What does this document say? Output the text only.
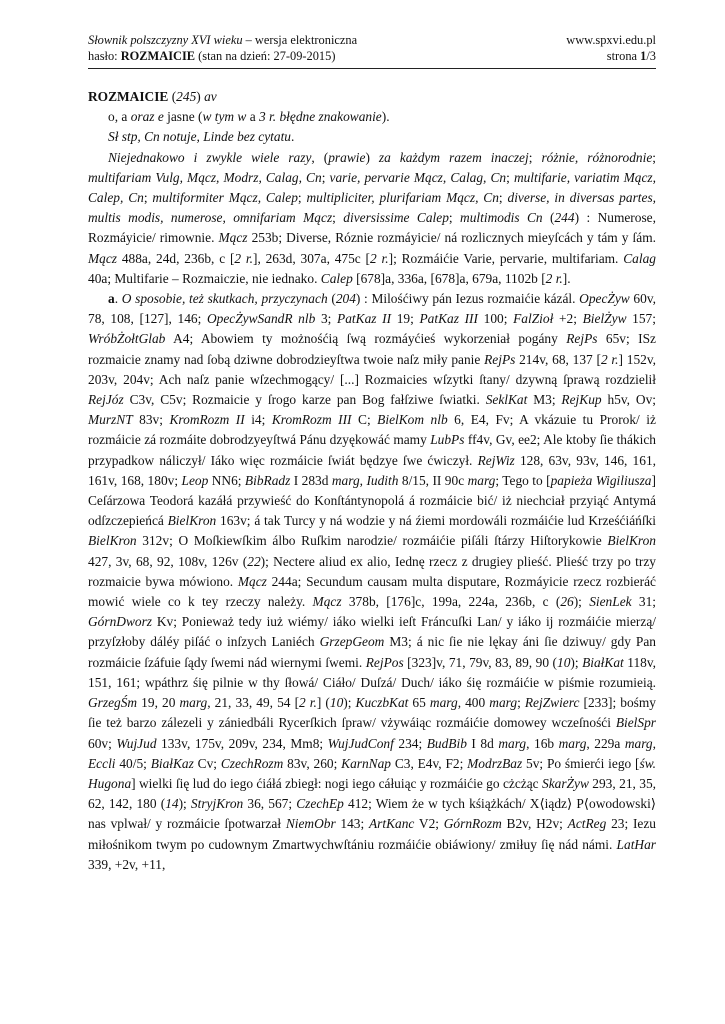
Słownik polszczyzny XVI wieku – wersja elektroniczna	www.spxvi.edu.pl
hasło: ROZMAICIE (stan na dzień: 27-09-2015)	strona 1/3

ROZMAICIE (245) av

o, a oraz e jasne (w tym w a 3 r. błędne znakowanie).

Sł stp, Cn notuje, Linde bez cytatu.

Niejednakowo i zwykle wiele razy, (prawie) za każdym razem inaczej; różnie, różnorodnie; multifariam Vulg, Mącz, Modrz, Calag, Cn; varie, pervarie Mącz, Calag, Cn; multifarie, variatim Mącz, Calep, Cn; multiformiter Mącz, Calep; multipliciter, plurifariam Mącz, Cn; diverse, in diversas partes, multis modis, numerose, omnifariam Mącz; diversissime Calep; multimodis Cn (244) : Numerose, Rozmáyicie/ rimownie. Mącz 253b; Diverse, Róznie rozmáyicie/ ná rozlicznych mieyſcách y tám y ſám. Mącz 488a, 24d, 236b, c [2 r.], 263d, 307a, 475c [2 r.]; Rozmáićie Varie, pervarie, multifariam. Calag 40a; Multifarie – Rozmaiczie, nie iednako. Calep [678]a, 336a, [678]a, 679a, 1102b [2 r.].

a. O sposobie, też skutkach, przyczynach (204) : Milośćiwy pán Iezus rozmaićie kázál. OpecŻyw 60v, 78, 108, [127], 146; OpecŻywSandR nlb 3; PatKaz II 19; PatKaz III 100; FalZioł +2; BielŻyw 157; WróbŻołtGlab A4; Abowiem ty możnośćią ſwą rozmáyćieś wykorzeniał pogány RejPs 65v; ISz rozmaicie znamy nad ſobą dziwne dobrodzieyſtwa twoie naſz miły panie RejPs 214v, 68, 137 [2 r.] 152v, 203v, 204v; Ach naſz panie wſzechmogący/ [...] Rozmaicies wſzytki ſtany/ dzywną ſprawą rozdzielił RejJóz C3v, C5v; Rozmaicie y ſrogo karze pan Bog fałſziwe ſwiatki. SeklKat M3; RejKup h5v, Ov; MurzNT 83v; KromRozm II i4; KromRozm III C; BielKom nlb 6, E4, Fv; A vkázuie tu Prorok/ iż rozmáicie zá rozmáite dobrodzyeyſtwá Pánu dzyękowáć mamy LubPs ff4v, Gv, ee2; Ale ktoby ſie thákich przypadkow náliczył/ Iáko więc rozmáicie ſwiát będzye ſwe ćwiczył. RejWiz 128, 63v, 93v, 146, 161, 161v, 168, 180v; Leop NN6; BibRadz I 283d marg, Iudith 8/15, II 90c marg; Tego to [papieża Wigiliusza] Ceſárzowa Teodorá kazáłá przywieść do Konſtántynopolá á rozmáicie bić/ iż niechciał przyiąć Antymá odſzczepieńcá BielKron 163v; á tak Turcy y ná wodzie y ná źiemi mordowáli rozmáićie lud Krześćiáńſki BielKron 312v; O Moſkiewſkim álbo Ruſkim narodzie/ rozmáićie piſáli ſtárzy Hiſtorykowie BielKron 427, 3v, 68, 92, 108v, 126v (22); Nectere aliud ex alio, Iednę rzecz z drugiey plieść. Plieść trzy po trzy rozmaicie bywa mówiono. Mącz 244a; Secundum causam multa disputare, Rozmáyicie rzecz rozbieráć mowić wiele co k tey rzeczy należy. Mącz 378b, [176]c, 199a, 224a, 236b, c (26); SienLek 31; GórnDworz Kv; Ponieważ tedy iuż wiémy/ iáko wielki ieſt Fráncuſki Lan/ y iáko ij rozmáićie mierzą/ przyſzłoby dáléy piſáć o inſzych Laniéch GrzepGeom M3; á nic ſie nie lękay áni ſie dziwuy/ gdy Pan rozmáicie ſzáfuie ſądy ſwemi nád wiernymi ſwemi. RejPos [323]v, 71, 79v, 83, 89, 90 (10); BiałKat 118v, 151, 161; wpáthrz śię pilnie w thy ſłowá/ Ciáło/ Duſzá/ Duch/ iáko śię rozmáićie w piśmie rozumieią. GrzegŚm 19, 20 marg, 21, 33, 49, 54 [2 r.] (10); KuczbKat 65 marg, 400 marg; RejZwierc [233]; bośmy ſie też barzo zálezeli y zániedbáli Rycerſkich ſpraw/ vżywáiąc rozmáićie domowey wczeſnośći BielSpr 60v; WujJud 133v, 175v, 209v, 234, Mm8; WujJudConf 234; BudBib I 8d marg, 16b marg, 229a marg, Eccli 40/5; BiałKaz Cv; CzechRozm 83v, 260; KarnNap C3, E4v, F2; ModrzBaz 5v; Po śmierći iego [św. Hugona] wielki ſię lud do iego ćiáłá zbiegł: nogi iego cáłuiąc y rozmáićie go cżcżąc SkarŻyw 293, 21, 35, 62, 142, 180 (14); StryjKron 36, 567; CzechEp 412; Wiem że w tych kśiążkách/ X⟨iądz⟩ P⟨owodowski⟩ nas vplwał/ y rozmáicie ſpotwarzał NiemObr 143; ArtKanc V2; GórnRozm B2v, H2v; ActReg 23; Iezu miłośnikom twym po cudownym Zmartwychwſtániu rozmáićie obiáwiony/ zmiłuy ſię nád námi. LatHar 339, +2v, +11,
